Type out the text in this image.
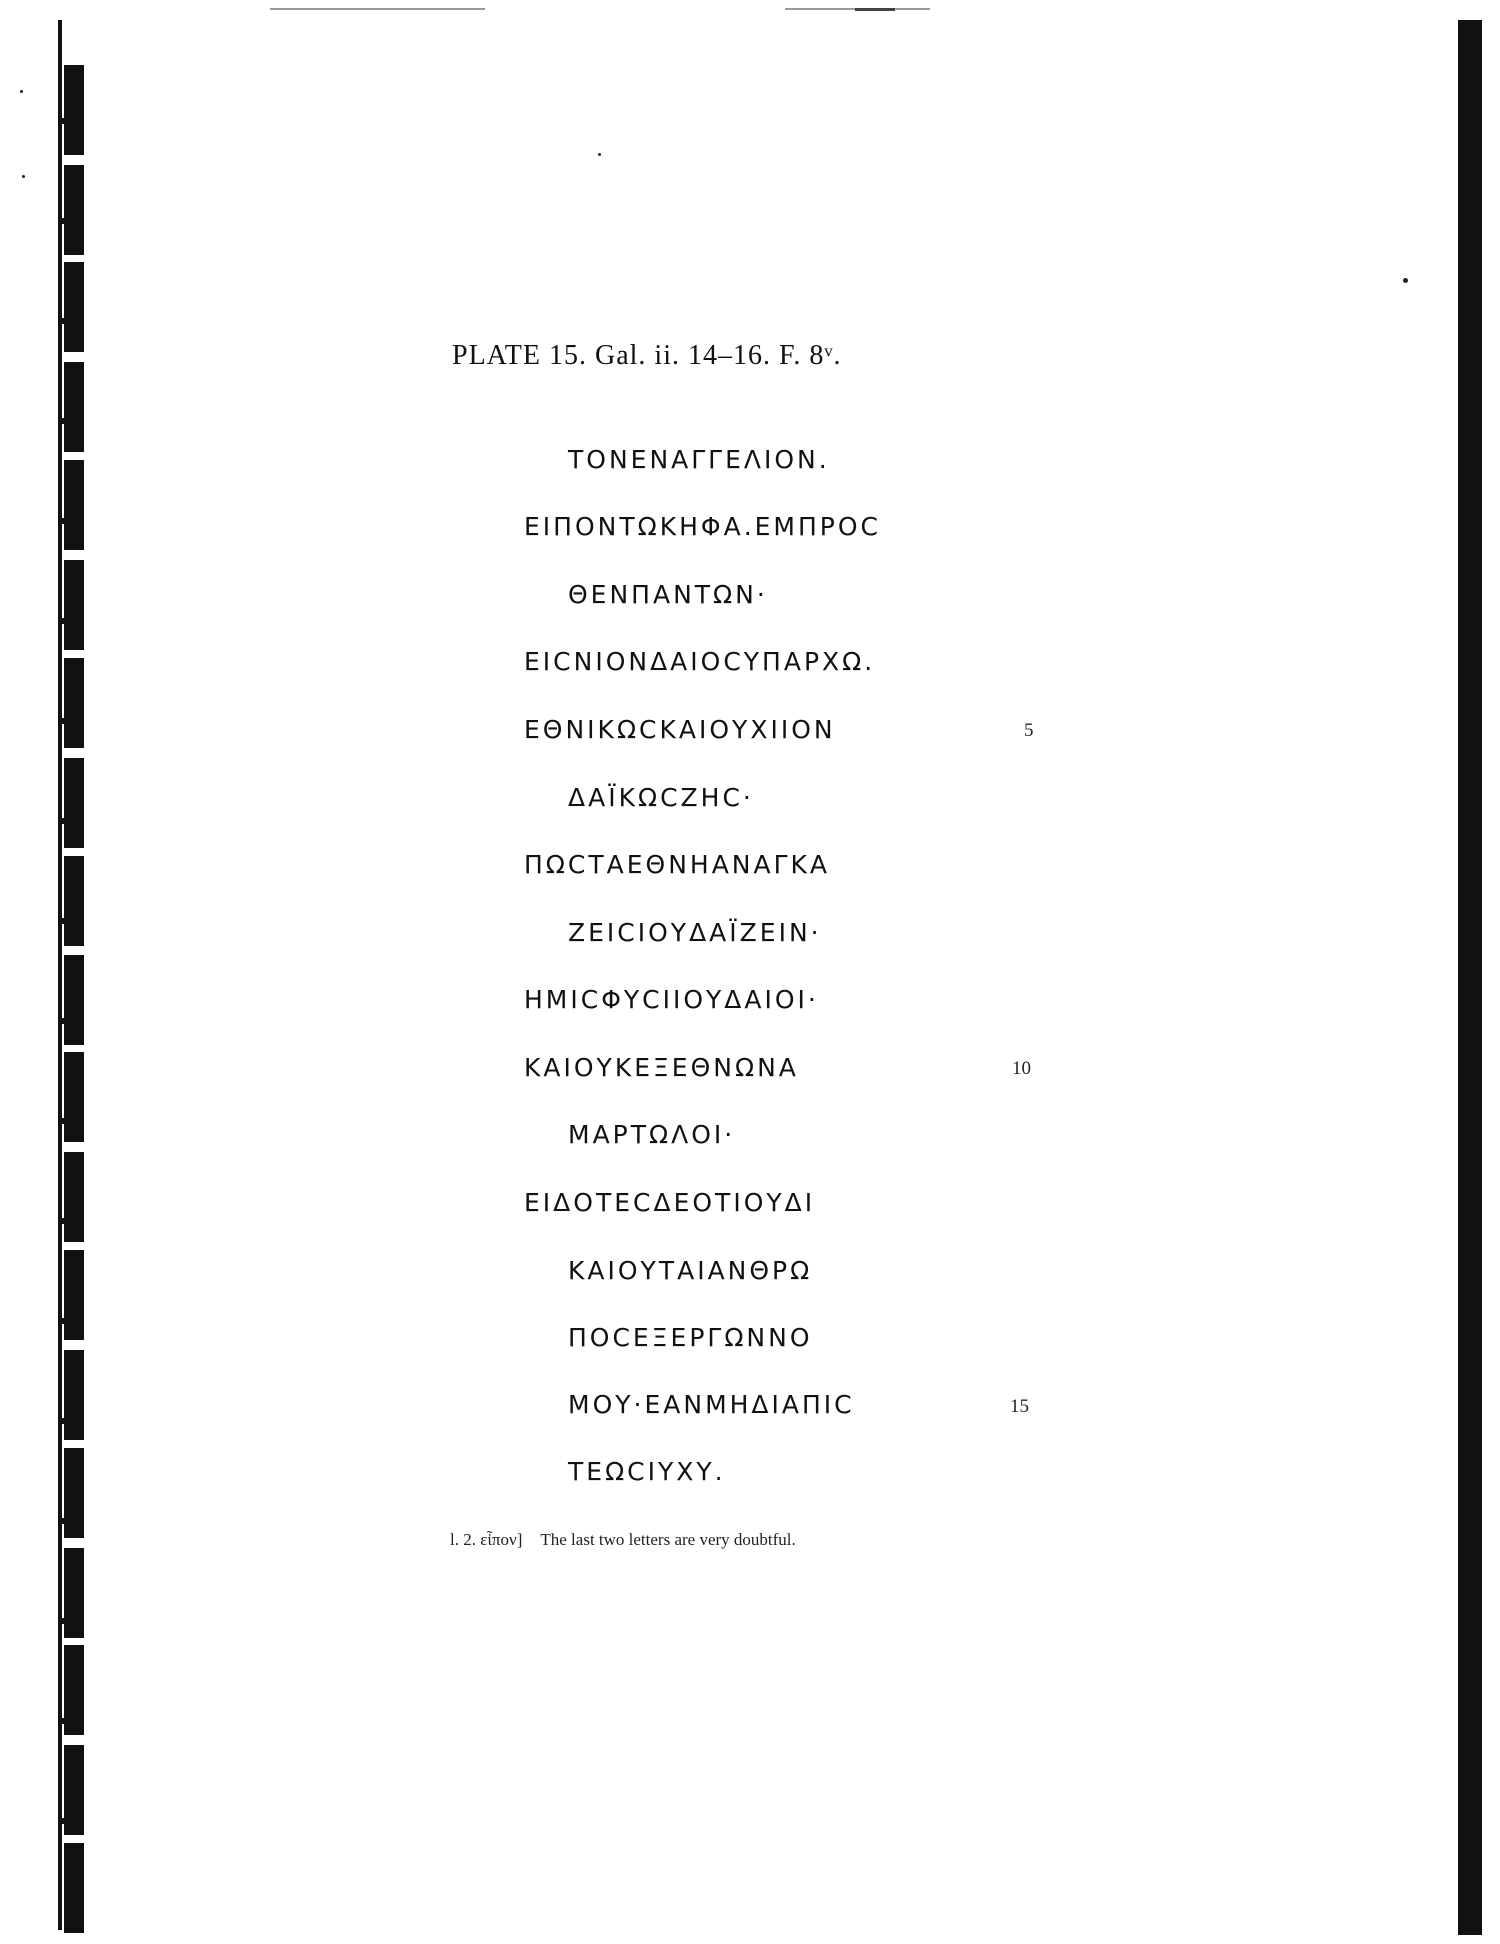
PLATE 15. Gal. ii. 14–16. F. 8ᵛ.
ΤΟΝΕΝΑΓΓΕΛΙΟΝ.
ΕΙΠΟΝΤΩΚΗΦΑ.ΕΜΠΡΟϹ
ΘΕΝΠΑΝΤΩΝ·
ΕΙϹΝΙΟΝΔΑΙΟϹΥΠΑΡΧΩ.
ΕΘΝΙΚΩϹΚΑΙΟΥΧΙΙΟΝ
ΔΑΪΚΩϹΖΗϹ·
ΠΩϹΤΑΕΘΝΗΑΝΑΓΚΑ
ΖΕΙϹΙΟΥΔΑΪΖΕΙΝ·
ΗΜΙϹΦΥϹΙΙΟΥΔΑΙΟΙ·
ΚΑΙΟΥΚΕΞΕΘΝΩΝΑ
ΜΑΡΤΩΛΟΙ·
ΕΙΔΟΤΕϹΔΕΟΤΙΟΥΔΙ
ΚΑΙΟΥΤΑΙΑΝΘΡΩ
ΠΟϹΕΞΕΡΓΩΝΝΟ
ΜΟΥ·ΕΑΝΜΗΔΙΑΠΙϹ
ΤΕΩϹΙΥΧΥ.
5
10
15
l. 2. εἶπον] The last two letters are very doubtful.
